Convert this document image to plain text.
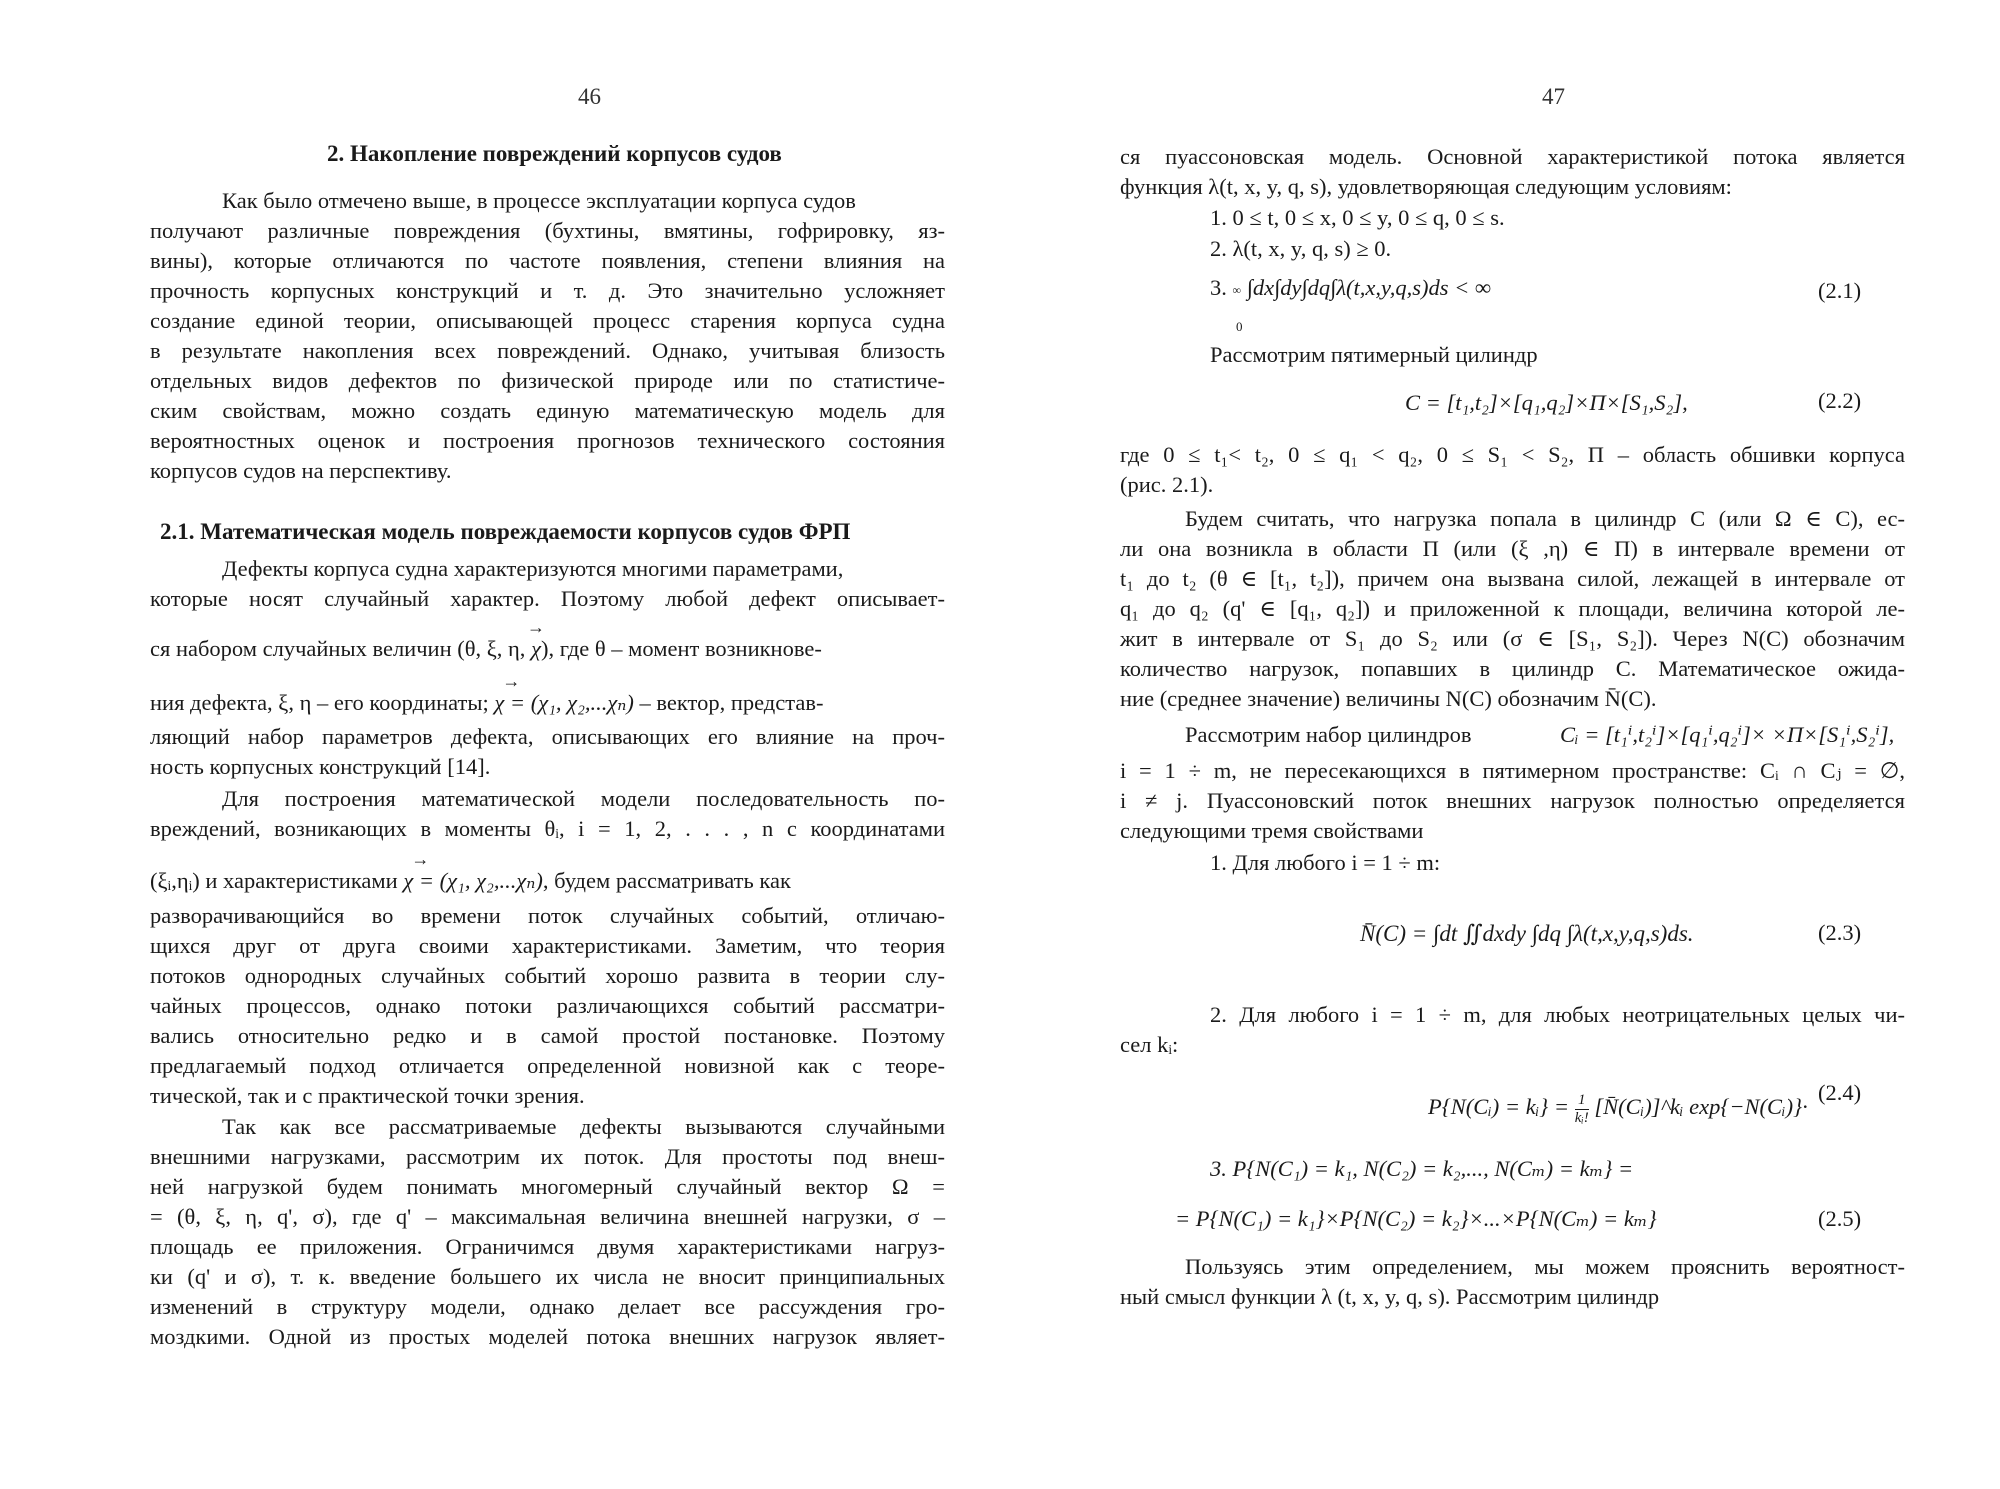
46
2. Накопление повреждений корпусов судов
Как было отмечено выше, в процессе эксплуатации корпуса судов
получают различные повреждения (бухтины, вмятины, гофрировку, яз-
вины), которые отличаются по частоте появления, степени влияния на
прочность корпусных конструкций и т. д. Это значительно усложняет
создание единой теории, описывающей процесс старения корпуса судна
в результате накопления всех повреждений. Однако, учитывая близость
отдельных видов дефектов по физической природе или по статистиче-
ским свойствам, можно создать единую математическую модель для
вероятностных оценок и построения прогнозов технического состояния
корпусов судов на перспективу.
2.1. Математическая модель повреждаемости корпусов судов ФРП
Дефекты корпуса судна характеризуются многими параметрами,
которые носят случайный характер. Поэтому любой дефект описывает-
ся набором случайных величин (θ, ξ, η,
→
χ), где θ – момент возникнове-
ния дефекта, ξ, η – его координаты;
→
χ = (χ₁, χ₂,...χₙ) – вектор, представ-
ляющий набор параметров дефекта, описывающих его влияние на проч-
ность корпусных конструкций [14].
Для построения математической модели последовательность по-
вреждений, возникающих в моменты θᵢ, i = 1, 2, . . . , n с координатами
(ξᵢ,ηᵢ) и характеристиками
→
χ = (χ₁, χ₂,...χₙ), будем рассматривать как
разворачивающийся во времени поток случайных событий, отличаю-
щихся друг от друга своими характеристиками. Заметим, что теория
потоков однородных случайных событий хорошо развита в теории слу-
чайных процессов, однако потоки различающихся событий рассматри-
вались относительно редко и в самой простой постановке. Поэтому
предлагаемый подход отличается определенной новизной как с теоре-
тической, так и с практической точки зрения.
Так как все рассматриваемые дефекты вызываются случайными
внешними нагрузками, рассмотрим их поток. Для простоты под внеш-
ней нагрузкой будем понимать многомерный случайный вектор Ω =
= (θ, ξ, η, q', σ), где q' – максимальная величина внешней нагрузки, σ –
площадь ее приложения. Ограничимся двумя характеристиками нагруз-
ки (q' и σ), т. к. введение большего их числа не вносит принципиальных
изменений в структуру модели, однако делает все рассуждения гро-
моздкими. Одной из простых моделей потока внешних нагрузок являет-
47
ся пуассоновская модель. Основной характеристикой потока является
функция λ(t, x, y, q, s), удовлетворяющая следующим условиям:
1. 0 ≤ t, 0 ≤ x, 0 ≤ y, 0 ≤ q, 0 ≤ s.
2. λ(t, x, y, q, s) ≥ 0.
3. ∞ ∫dx∫dy∫dq∫λ(t,x,y,q,s)ds < ∞
0
(2.1)
Рассмотрим пятимерный цилиндр
C = [t₁,t₂]×[q₁,q₂]×Π×[S₁,S₂],	(2.2)
где 0 ≤ t₁< t₂, 0 ≤ q₁ < q₂, 0 ≤ S₁ < S₂, Π – область обшивки корпуса
(рис. 2.1).
Будем считать, что нагрузка попала в цилиндр C (или Ω ∈ C), ес-
ли она возникла в области Π (или (ξ ,η) ∈ Π) в интервале времени от
t₁ до t₂ (θ ∈ [t₁, t₂]), причем она вызвана силой, лежащей в интервале от
q₁ до q₂ (q' ∈ [q₁, q₂]) и приложенной к площади, величина которой ле-
жит в интервале от S₁ до S₂ или (σ ∈ [S₁, S₂]). Через N(C) обозначим
количество нагрузок, попавших в цилиндр C. Математическое ожида-
ние (среднее значение) величины N(C) обозначим N̄(C).
Рассмотрим набор цилиндров	Cᵢ = [t₁ⁱ,t₂ⁱ]×[q₁ⁱ,q₂ⁱ]× ×Π×[S₁ⁱ,S₂ⁱ],
i = 1 ÷ m, не пересекающихся в пятимерном пространстве: Cᵢ ∩ Cⱼ = ∅,
i ≠ j. Пуассоновский поток внешних нагрузок полностью определяется
следующими тремя свойствами
1. Для любого i = 1 ÷ m:
N̄(C) = ∫dt ∬dxdy ∫dq ∫λ(t,x,y,q,s)ds.	(2.3)
2. Для любого i = 1 ÷ m, для любых неотрицательных целых чи-
сел kᵢ:
P{N(Cᵢ) = kᵢ} = $\frac{1}{\text{kᵢ!}}$ [N̄(Cᵢ)]^kᵢ exp{−N(Cᵢ)}·
(2.4)
3. P{N(C₁) = k₁, N(C₂) = k₂,..., N(Cₘ) = kₘ} =
= P{N(C₁) = k₁}×P{N(C₂) = k₂}×...×P{N(Cₘ) = kₘ}	(2.5)
Пользуясь этим определением, мы можем прояснить вероятност-
ный смысл функции λ (t, x, y, q, s). Рассмотрим цилиндр
